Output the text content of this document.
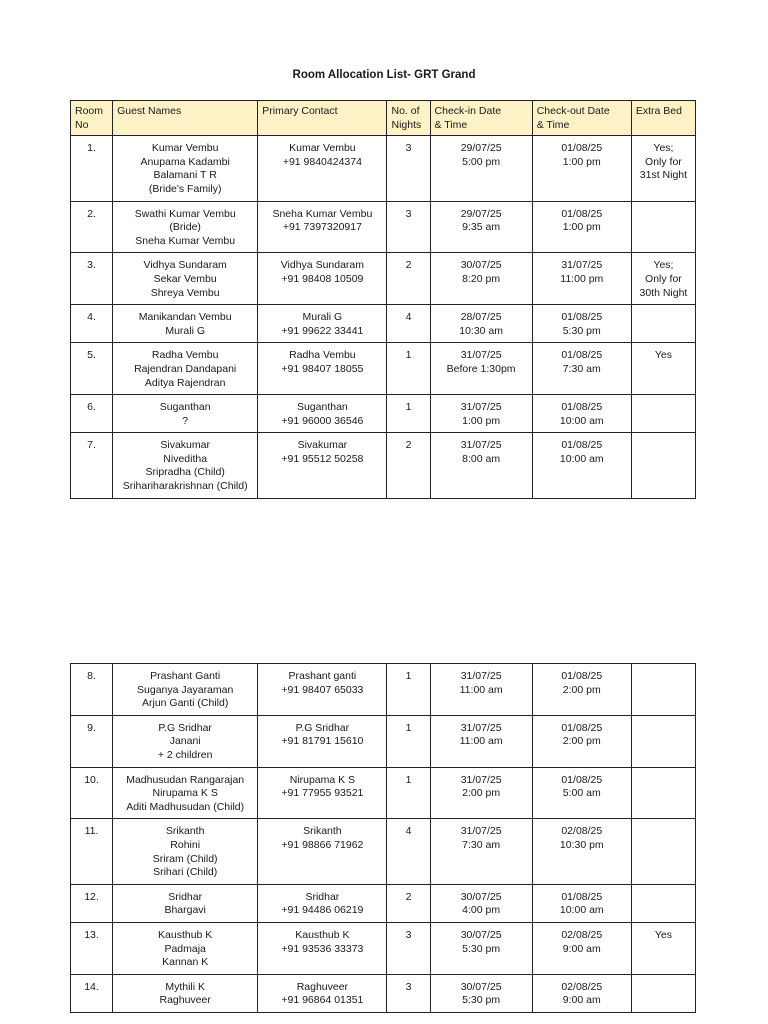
Room Allocation List- GRT Grand
Room
No	Guest Names	Primary Contact	No. of
Nights	Check-in Date
& Time	Check-out Date
& Time	Extra Bed
1.	Kumar Vembu
Anupama Kadambi
Balamani T R
(Bride's Family)	Kumar Vembu
+91 9840424374	3	29/07/25
5:00 pm	01/08/25
1:00 pm	Yes;
Only for
31st Night

2.	Swathi Kumar Vembu
(Bride)
Sneha Kumar Vembu	Sneha Kumar Vembu
+91 7397320917	3	29/07/25
9:35 am	01/08/25
1:00 pm	

3.	Vidhya Sundaram
Sekar Vembu
Shreya Vembu	Vidhya Sundaram
+91 98408 10509	2	30/07/25
8:20 pm	31/07/25
11:00 pm	Yes;
Only for
30th Night

4.	Manikandan Vembu
Murali G	Murali G
+91 99622 33441	4	28/07/25
10:30 am	01/08/25
5:30 pm	

5.	Radha Vembu
Rajendran Dandapani
Aditya Rajendran	Radha Vembu
+91 98407 18055	1	31/07/25
Before 1:30pm	01/08/25
7:30 am	Yes

6.	Suganthan
?	Suganthan
+91 96000 36546	1	31/07/25
1:00 pm	01/08/25
10:00 am	

7.	Sivakumar
Niveditha
Sripradha (Child)
Srihariharakrishnan (Child)	Sivakumar
+91 95512 50258	2	31/07/25
8:00 am	01/08/25
10:00 am	

8.	Prashant Ganti
Suganya Jayaraman
Arjun Ganti (Child)	Prashant ganti
+91 98407 65033	1	31/07/25
11:00 am	01/08/25
2:00 pm	

9.	P.G Sridhar
Janani
+ 2 children	P.G Sridhar
+91 81791 15610	1	31/07/25
11:00 am	01/08/25
2:00 pm	

10.	Madhusudan Rangarajan
Nirupama K S
Aditi Madhusudan (Child)	Nirupama K S
+91 77955 93521	1	31/07/25
2:00 pm	01/08/25
5:00 am	

11.	Srikanth
Rohini
Sriram (Child)
Srihari (Child)	Srikanth
+91 98866 71962	4	31/07/25
7:30 am	02/08/25
10:30 pm	

12.	Sridhar
Bhargavi	Sridhar
+91 94486 06219	2	30/07/25
4:00 pm	01/08/25
10:00 am	

13.	Kausthub K
Padmaja
Kannan K	Kausthub K
+91 93536 33373	3	30/07/25
5:30 pm	02/08/25
9:00 am	Yes

14.	Mythili K
Raghuveer	Raghuveer
+91 96864 01351	3	30/07/25
5:30 pm	02/08/25
9:00 am	
